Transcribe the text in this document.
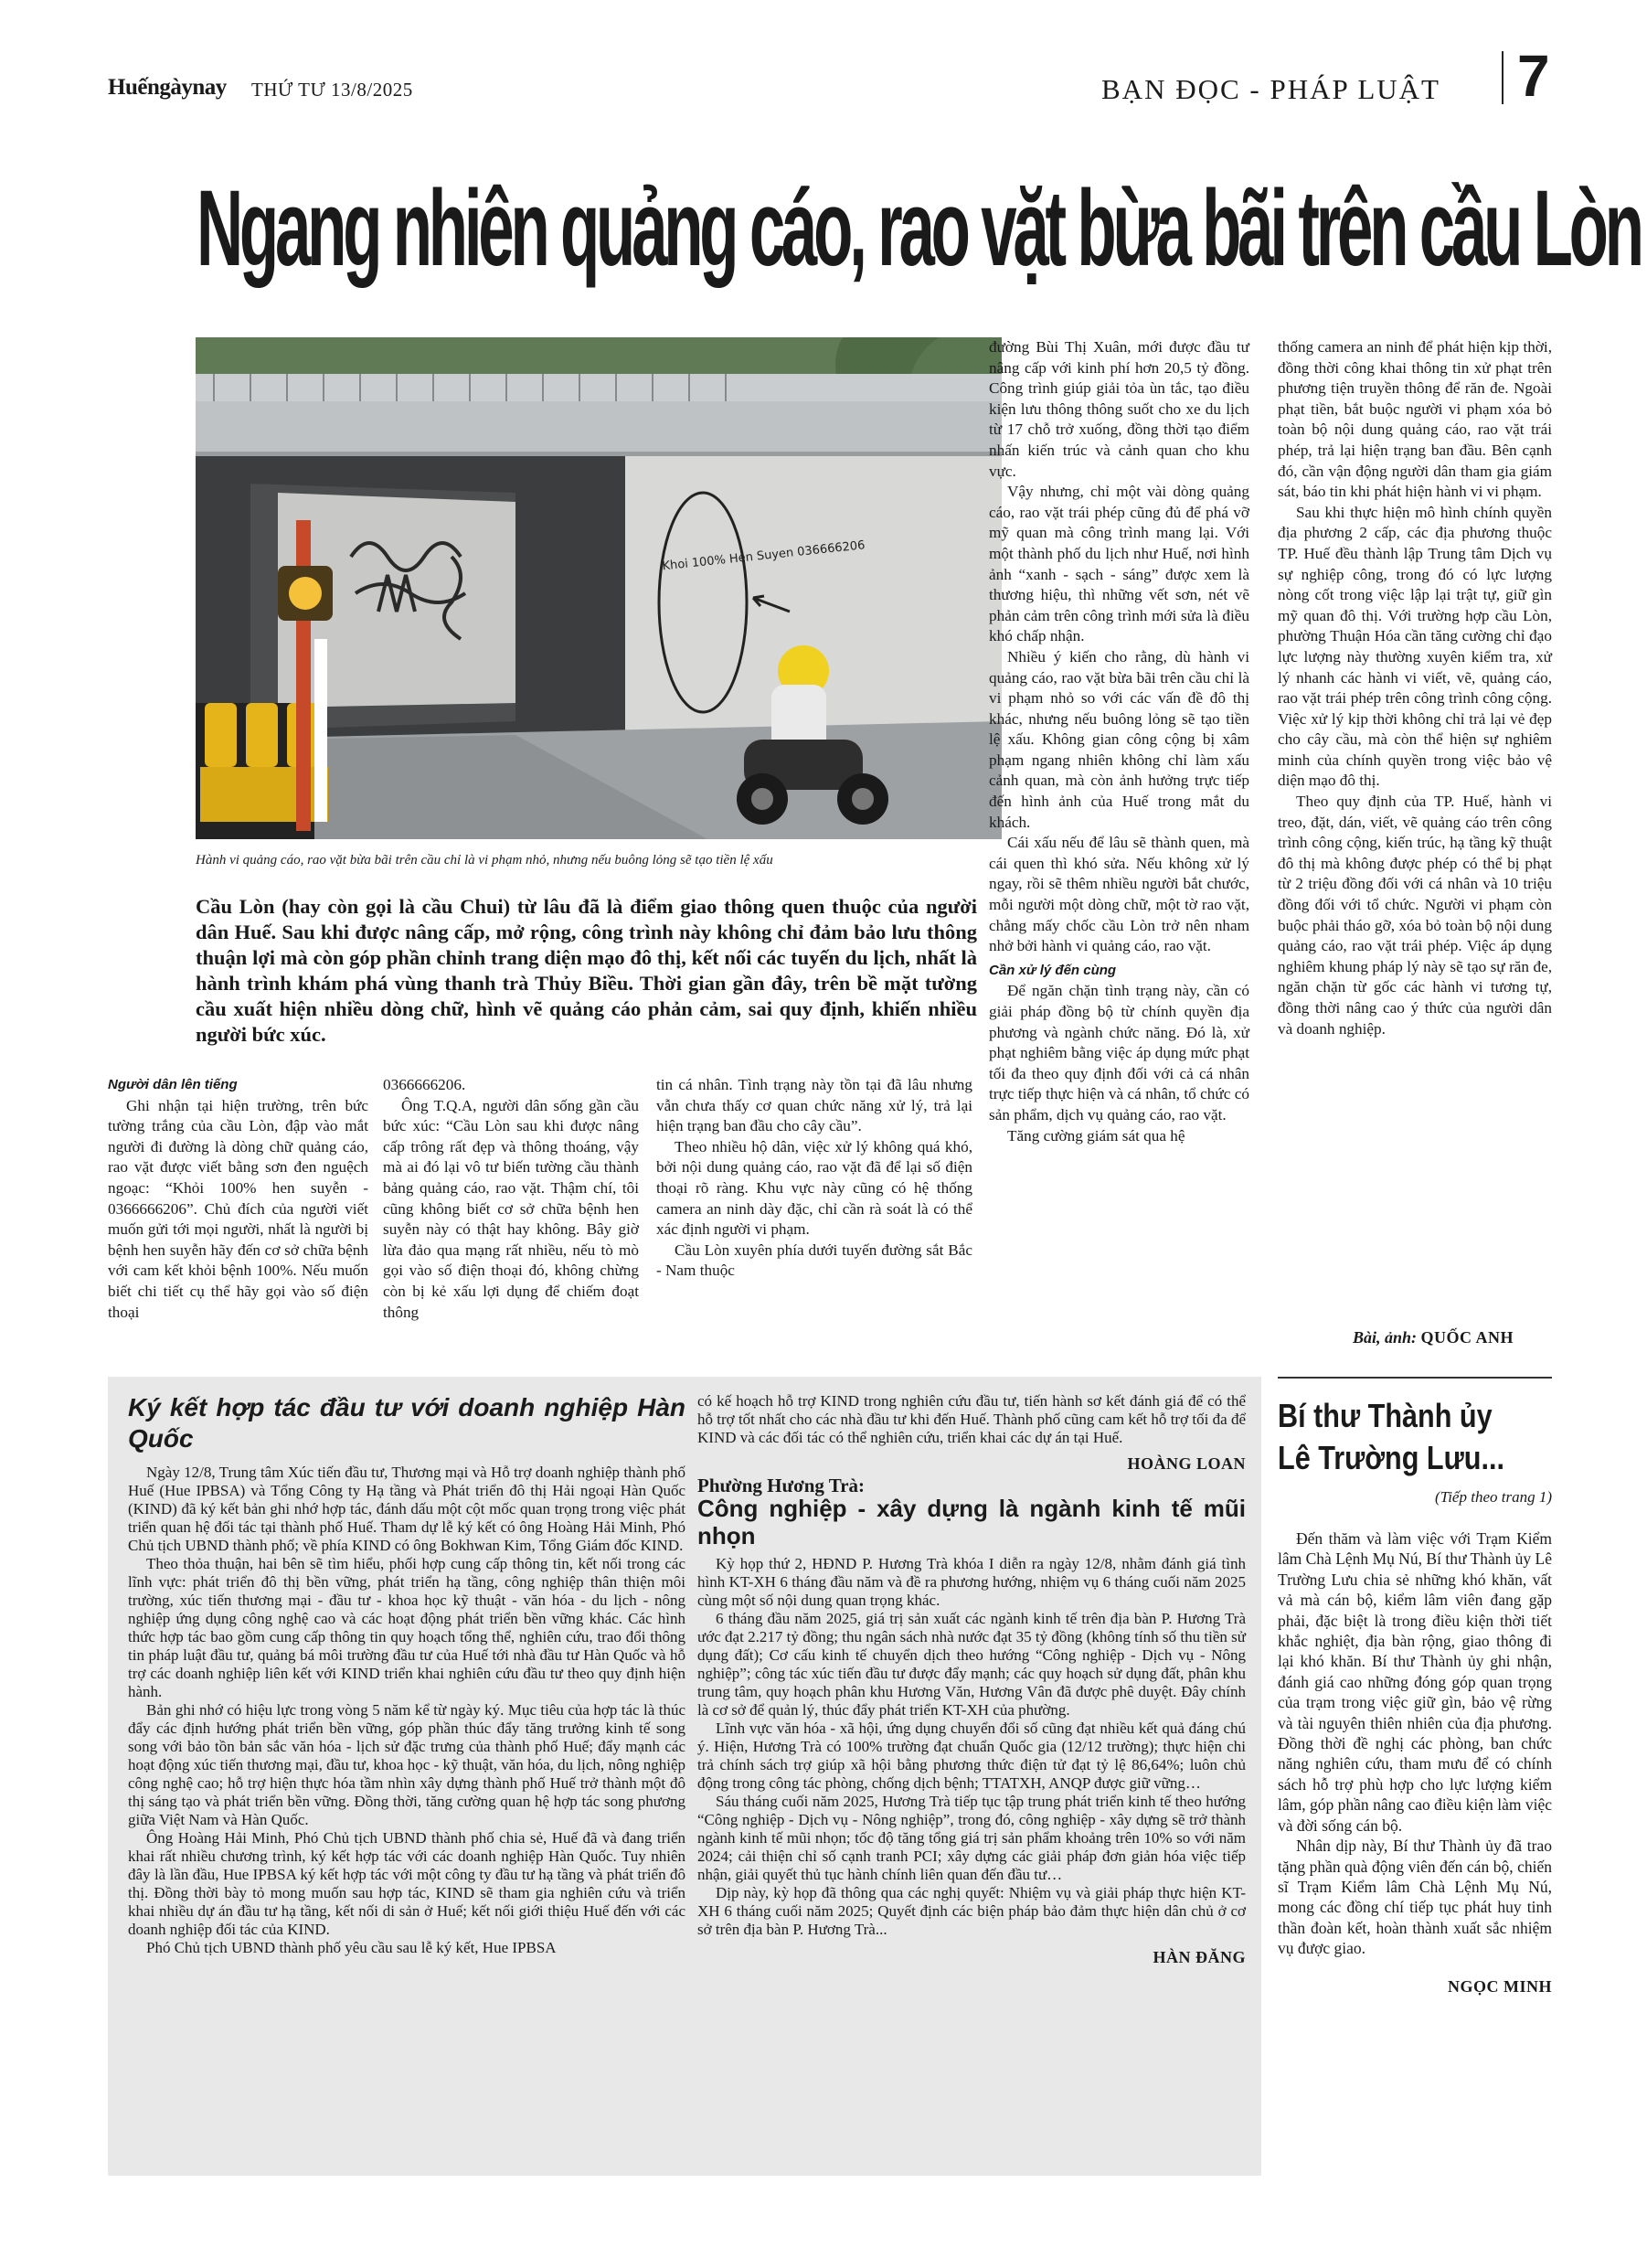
Huếngàynay THỨ TƯ 13/8/2025	BẠN ĐỌC - PHÁP LUẬT 7
Ngang nhiên quảng cáo, rao vặt bừa bãi trên cầu Lòn
Khoi 100% Hen Suyen 036666206
Hành vi quảng cáo, rao vặt bừa bãi trên cầu chỉ là vi phạm nhỏ, nhưng nếu buông lỏng sẽ tạo tiền lệ xấu
Cầu Lòn (hay còn gọi là cầu Chui) từ lâu đã là điểm giao thông quen thuộc của người dân Huế. Sau khi được nâng cấp, mở rộng, công trình này không chỉ đảm bảo lưu thông thuận lợi mà còn góp phần chỉnh trang diện mạo đô thị, kết nối các tuyến du lịch, nhất là hành trình khám phá vùng thanh trà Thủy Biều. Thời gian gần đây, trên bề mặt tường cầu xuất hiện nhiều dòng chữ, hình vẽ quảng cáo phản cảm, sai quy định, khiến nhiều người bức xúc.
Người dân lên tiếng

Ghi nhận tại hiện trường, trên bức tường trắng của cầu Lòn, đập vào mắt người đi đường là dòng chữ quảng cáo, rao vặt được viết bằng sơn đen nguệch ngoạc: “Khỏi 100% hen suyễn - 0366666206”. Chủ đích của người viết muốn gửi tới mọi người, nhất là người bị bệnh hen suyễn hãy đến cơ sở chữa bệnh với cam kết khỏi bệnh 100%. Nếu muốn biết chi tiết cụ thể hãy gọi vào số điện thoại

0366666206.

Ông T.Q.A, người dân sống gần cầu bức xúc: “Cầu Lòn sau khi được nâng cấp trông rất đẹp và thông thoáng, vậy mà ai đó lại vô tư biến tường cầu thành bảng quảng cáo, rao vặt. Thậm chí, tôi cũng không biết cơ sở chữa bệnh hen suyễn này có thật hay không. Bây giờ lừa đảo qua mạng rất nhiều, nếu tò mò gọi vào số điện thoại đó, không chừng còn bị kẻ xấu lợi dụng để chiếm đoạt thông

tin cá nhân. Tình trạng này tồn tại đã lâu nhưng vẫn chưa thấy cơ quan chức năng xử lý, trả lại hiện trạng ban đầu cho cây cầu”.

Theo nhiều hộ dân, việc xử lý không quá khó, bởi nội dung quảng cáo, rao vặt đã để lại số điện thoại rõ ràng. Khu vực này cũng có hệ thống camera an ninh dày đặc, chỉ cần rà soát là có thể xác định người vi phạm.

Cầu Lòn xuyên phía dưới tuyến đường sắt Bắc - Nam thuộc

đường Bùi Thị Xuân, mới được đầu tư nâng cấp với kinh phí hơn 20,5 tỷ đồng. Công trình giúp giải tỏa ùn tắc, tạo điều kiện lưu thông thông suốt cho xe du lịch từ 17 chỗ trở xuống, đồng thời tạo điểm nhấn kiến trúc và cảnh quan cho khu vực.

Vậy nhưng, chỉ một vài dòng quảng cáo, rao vặt trái phép cũng đủ để phá vỡ mỹ quan mà công trình mang lại. Với một thành phố du lịch như Huế, nơi hình ảnh “xanh - sạch - sáng” được xem là thương hiệu, thì những vết sơn, nét vẽ phản cảm trên công trình mới sửa là điều khó chấp nhận.

Nhiều ý kiến cho rằng, dù hành vi quảng cáo, rao vặt bừa bãi trên cầu chỉ là vi phạm nhỏ so với các vấn đề đô thị khác, nhưng nếu buông lỏng sẽ tạo tiền lệ xấu. Không gian công cộng bị xâm phạm ngang nhiên không chỉ làm xấu cảnh quan, mà còn ảnh hưởng trực tiếp đến hình ảnh của Huế trong mắt du khách.

Cái xấu nếu để lâu sẽ thành quen, mà cái quen thì khó sửa. Nếu không xử lý ngay, rồi sẽ thêm nhiều người bắt chước, mỗi người một dòng chữ, một tờ rao vặt, chẳng mấy chốc cầu Lòn trở nên nham nhở bởi hành vi quảng cáo, rao vặt.

Cần xử lý đến cùng

Để ngăn chặn tình trạng này, cần có giải pháp đồng bộ từ chính quyền địa phương và ngành chức năng. Đó là, xử phạt nghiêm bằng việc áp dụng mức phạt tối đa theo quy định đối với cả cá nhân trực tiếp thực hiện và cá nhân, tổ chức có sản phẩm, dịch vụ quảng cáo, rao vặt.

Tăng cường giám sát qua hệ

thống camera an ninh để phát hiện kịp thời, đồng thời công khai thông tin xử phạt trên phương tiện truyền thông để răn đe. Ngoài phạt tiền, bắt buộc người vi phạm xóa bỏ toàn bộ nội dung quảng cáo, rao vặt trái phép, trả lại hiện trạng ban đầu. Bên cạnh đó, cần vận động người dân tham gia giám sát, báo tin khi phát hiện hành vi vi phạm.

Sau khi thực hiện mô hình chính quyền địa phương 2 cấp, các địa phương thuộc TP. Huế đều thành lập Trung tâm Dịch vụ sự nghiệp công, trong đó có lực lượng nòng cốt trong việc lập lại trật tự, giữ gìn mỹ quan đô thị. Với trường hợp cầu Lòn, phường Thuận Hóa cần tăng cường chỉ đạo lực lượng này thường xuyên kiểm tra, xử lý nhanh các hành vi viết, vẽ, quảng cáo, rao vặt trái phép trên công trình công cộng. Việc xử lý kịp thời không chỉ trả lại vẻ đẹp cho cây cầu, mà còn thể hiện sự nghiêm minh của chính quyền trong việc bảo vệ diện mạo đô thị.

Theo quy định của TP. Huế, hành vi treo, đặt, dán, viết, vẽ quảng cáo trên công trình công cộng, kiến trúc, hạ tầng kỹ thuật đô thị mà không được phép có thể bị phạt từ 2 triệu đồng đối với cá nhân và 10 triệu đồng đối với tổ chức. Người vi phạm còn buộc phải tháo gỡ, xóa bỏ toàn bộ nội dung quảng cáo, rao vặt trái phép. Việc áp dụng nghiêm khung pháp lý này sẽ tạo sự răn đe, ngăn chặn từ gốc các hành vi tương tự, đồng thời nâng cao ý thức của người dân và doanh nghiệp.

Bài, ảnh: QUỐC ANH
Ký kết hợp tác đầu tư với doanh nghiệp Hàn Quốc

Ngày 12/8, Trung tâm Xúc tiến đầu tư, Thương mại và Hỗ trợ doanh nghiệp thành phố Huế (Hue IPBSA) và Tổng Công ty Hạ tầng và Phát triển đô thị Hải ngoại Hàn Quốc (KIND) đã ký kết bản ghi nhớ hợp tác, đánh dấu một cột mốc quan trọng trong việc phát triển quan hệ đối tác tại thành phố Huế. Tham dự lễ ký kết có ông Hoàng Hải Minh, Phó Chủ tịch UBND thành phố; về phía KIND có ông Bokhwan Kim, Tổng Giám đốc KIND.

Theo thỏa thuận, hai bên sẽ tìm hiểu, phối hợp cung cấp thông tin, kết nối trong các lĩnh vực: phát triển đô thị bền vững, phát triển hạ tầng, công nghiệp thân thiện môi trường, xúc tiến thương mại - đầu tư - khoa học kỹ thuật - văn hóa - du lịch - nông nghiệp ứng dụng công nghệ cao và các hoạt động phát triển bền vững khác. Các hình thức hợp tác bao gồm cung cấp thông tin quy hoạch tổng thể, nghiên cứu, trao đổi thông tin pháp luật đầu tư, quảng bá môi trường đầu tư của Huế tới nhà đầu tư Hàn Quốc và hỗ trợ các doanh nghiệp liên kết với KIND triển khai nghiên cứu đầu tư theo quy định hiện hành.

Bản ghi nhớ có hiệu lực trong vòng 5 năm kể từ ngày ký. Mục tiêu của hợp tác là thúc đẩy các định hướng phát triển bền vững, góp phần thúc đẩy tăng trưởng kinh tế song song với bảo tồn bản sắc văn hóa - lịch sử đặc trưng của thành phố Huế; đẩy mạnh các hoạt động xúc tiến thương mại, đầu tư, khoa học - kỹ thuật, văn hóa, du lịch, nông nghiệp công nghệ cao; hỗ trợ hiện thực hóa tầm nhìn xây dựng thành phố Huế trở thành một đô thị sáng tạo và phát triển bền vững. Đồng thời, tăng cường quan hệ hợp tác song phương giữa Việt Nam và Hàn Quốc.

Ông Hoàng Hải Minh, Phó Chủ tịch UBND thành phố chia sẻ, Huế đã và đang triển khai rất nhiều chương trình, ký kết hợp tác với các doanh nghiệp Hàn Quốc. Tuy nhiên đây là lần đầu, Hue IPBSA ký kết hợp tác với một công ty đầu tư hạ tầng và phát triển đô thị. Đồng thời bày tỏ mong muốn sau hợp tác, KIND sẽ tham gia nghiên cứu và triển khai nhiều dự án đầu tư hạ tầng, kết nối di sản ở Huế; kết nối giới thiệu Huế đến với các doanh nghiệp đối tác của KIND.

Phó Chủ tịch UBND thành phố yêu cầu sau lễ ký kết, Hue IPBSA

có kế hoạch hỗ trợ KIND trong nghiên cứu đầu tư, tiến hành sơ kết đánh giá để có thể hỗ trợ tốt nhất cho các nhà đầu tư khi đến Huế. Thành phố cũng cam kết hỗ trợ tối đa để KIND và các đối tác có thể nghiên cứu, triển khai các dự án tại Huế.

HOÀNG LOAN
Phường Hương Trà:
Công nghiệp - xây dựng là ngành kinh tế mũi nhọn

Kỳ họp thứ 2, HĐND P. Hương Trà khóa I diễn ra ngày 12/8, nhằm đánh giá tình hình KT-XH 6 tháng đầu năm và đề ra phương hướng, nhiệm vụ 6 tháng cuối năm 2025 cùng một số nội dung quan trọng khác.

6 tháng đầu năm 2025, giá trị sản xuất các ngành kinh tế trên địa bàn P. Hương Trà ước đạt 2.217 tỷ đồng; thu ngân sách nhà nước đạt 35 tỷ đồng (không tính số thu tiền sử dụng đất); Cơ cấu kinh tế chuyển dịch theo hướng “Công nghiệp - Dịch vụ - Nông nghiệp”; công tác xúc tiến đầu tư được đẩy mạnh; các quy hoạch sử dụng đất, phân khu trung tâm, quy hoạch phân khu Hương Văn, Hương Vân đã được phê duyệt. Đây chính là cơ sở để quản lý, thúc đẩy phát triển KT-XH của phường.

Lĩnh vực văn hóa - xã hội, ứng dụng chuyển đổi số cũng đạt nhiều kết quả đáng chú ý. Hiện, Hương Trà có 100% trường đạt chuẩn Quốc gia (12/12 trường); thực hiện chi trả chính sách trợ giúp xã hội bằng phương thức điện tử đạt tỷ lệ 86,64%; luôn chủ động trong công tác phòng, chống dịch bệnh; TTATXH, ANQP được giữ vững…

Sáu tháng cuối năm 2025, Hương Trà tiếp tục tập trung phát triển kinh tế theo hướng “Công nghiệp - Dịch vụ - Nông nghiệp”, trong đó, công nghiệp - xây dựng sẽ trở thành ngành kinh tế mũi nhọn; tốc độ tăng tổng giá trị sản phẩm khoảng trên 10% so với năm 2024; cải thiện chỉ số cạnh tranh PCI; xây dựng các giải pháp đơn giản hóa việc tiếp nhận, giải quyết thủ tục hành chính liên quan đến đầu tư…

Dịp này, kỳ họp đã thông qua các nghị quyết: Nhiệm vụ và giải pháp thực hiện KT-XH 6 tháng cuối năm 2025; Quyết định các biện pháp bảo đảm thực hiện dân chủ ở cơ sở trên địa bàn P. Hương Trà...

HÀN ĐĂNG
Bí thư Thành ủy
Lê Trường Lưu...
(Tiếp theo trang 1)

Đến thăm và làm việc với Trạm Kiểm lâm Chà Lệnh Mụ Nú, Bí thư Thành ủy Lê Trường Lưu chia sẻ những khó khăn, vất vả mà cán bộ, kiểm lâm viên đang gặp phải, đặc biệt là trong điều kiện thời tiết khắc nghiệt, địa bàn rộng, giao thông đi lại khó khăn. Bí thư Thành ủy ghi nhận, đánh giá cao những đóng góp quan trọng của trạm trong việc giữ gìn, bảo vệ rừng và tài nguyên thiên nhiên của địa phương. Đồng thời đề nghị các phòng, ban chức năng nghiên cứu, tham mưu để có chính sách hỗ trợ phù hợp cho lực lượng kiểm lâm, góp phần nâng cao điều kiện làm việc và đời sống cán bộ.

Nhân dịp này, Bí thư Thành ủy đã trao tặng phần quà động viên đến cán bộ, chiến sĩ Trạm Kiểm lâm Chà Lệnh Mụ Nú, mong các đồng chí tiếp tục phát huy tinh thần đoàn kết, hoàn thành xuất sắc nhiệm vụ được giao.

NGỌC MINH
